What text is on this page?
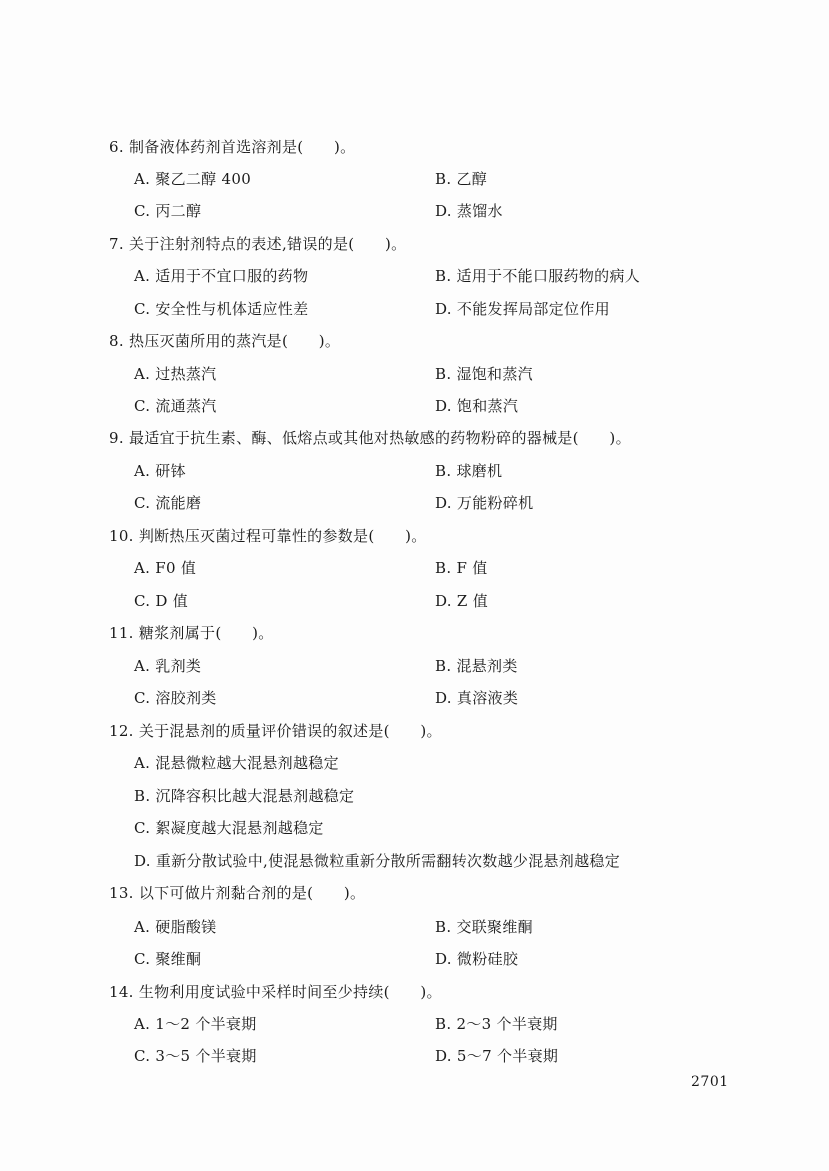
6. 制备液体药剂首选溶剂是(　　)。
A. 聚乙二醇 400	B. 乙醇
C. 丙二醇	D. 蒸馏水
7. 关于注射剂特点的表述,错误的是(　　)。
A. 适用于不宜口服的药物	B. 适用于不能口服药物的病人
C. 安全性与机体适应性差	D. 不能发挥局部定位作用
8. 热压灭菌所用的蒸汽是(　　)。
A. 过热蒸汽	B. 湿饱和蒸汽
C. 流通蒸汽	D. 饱和蒸汽
9. 最适宜于抗生素、酶、低熔点或其他对热敏感的药物粉碎的器械是(　　)。
A. 研钵	B. 球磨机
C. 流能磨	D. 万能粉碎机
10. 判断热压灭菌过程可靠性的参数是(　　)。
A. F0 值	B. F 值
C. D 值	D. Z 值
11. 糖浆剂属于(　　)。
A. 乳剂类	B. 混悬剂类
C. 溶胶剂类	D. 真溶液类
12. 关于混悬剂的质量评价错误的叙述是(　　)。
A. 混悬微粒越大混悬剂越稳定
B. 沉降容积比越大混悬剂越稳定
C. 絮凝度越大混悬剂越稳定
D. 重新分散试验中,使混悬微粒重新分散所需翻转次数越少混悬剂越稳定
13. 以下可做片剂黏合剂的是(　　)。
A. 硬脂酸镁	B. 交联聚维酮
C. 聚维酮	D. 微粉硅胶
14. 生物利用度试验中采样时间至少持续(　　)。
A. 1～2 个半衰期	B. 2～3 个半衰期
C. 3～5 个半衰期	D. 5～7 个半衰期
2701
